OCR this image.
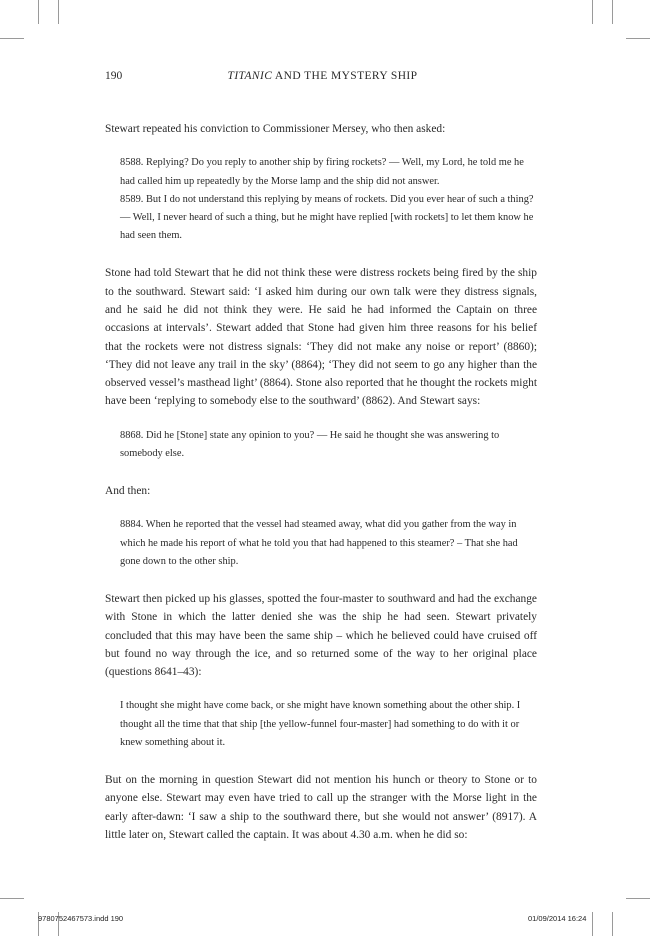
190	TITANIC AND THE MYSTERY SHIP

Stewart repeated his conviction to Commissioner Mersey, who then asked:

8588. Replying? Do you reply to another ship by firing rockets? — Well, my Lord, he told me he had called him up repeatedly by the Morse lamp and the ship did not answer.

8589. But I do not understand this replying by means of rockets. Did you ever hear of such a thing? — Well, I never heard of such a thing, but he might have replied [with rockets] to let them know he had seen them.

Stone had told Stewart that he did not think these were distress rockets being fired by the ship to the southward. Stewart said: ‘I asked him during our own talk were they distress signals, and he said he did not think they were. He said he had informed the Captain on three occasions at intervals’. Stewart added that Stone had given him three reasons for his belief that the rockets were not distress signals: ‘They did not make any noise or report’ (8860); ‘They did not leave any trail in the sky’ (8864); ‘They did not seem to go any higher than the observed vessel’s masthead light’ (8864). Stone also reported that he thought the rockets might have been ‘replying to somebody else to the southward’ (8862). And Stewart says:

8868. Did he [Stone] state any opinion to you? — He said he thought she was answering to somebody else.

And then:

8884. When he reported that the vessel had steamed away, what did you gather from the way in which he made his report of what he told you that had happened to this steamer? – That she had gone down to the other ship.

Stewart then picked up his glasses, spotted the four-master to southward and had the exchange with Stone in which the latter denied she was the ship he had seen. Stewart privately concluded that this may have been the same ship – which he believed could have cruised off but found no way through the ice, and so returned some of the way to her original place (questions 8641–43):

I thought she might have come back, or she might have known something about the other ship. I thought all the time that that ship [the yellow-funnel four-master] had something to do with it or knew something about it.

But on the morning in question Stewart did not mention his hunch or theory to Stone or to anyone else. Stewart may even have tried to call up the stranger with the Morse light in the early after-dawn: ‘I saw a ship to the southward there, but she would not answer’ (8917). A little later on, Stewart called the captain. It was about 4.30 a.m. when he did so:

9780752467573.indd 190	01/09/2014 16:24
